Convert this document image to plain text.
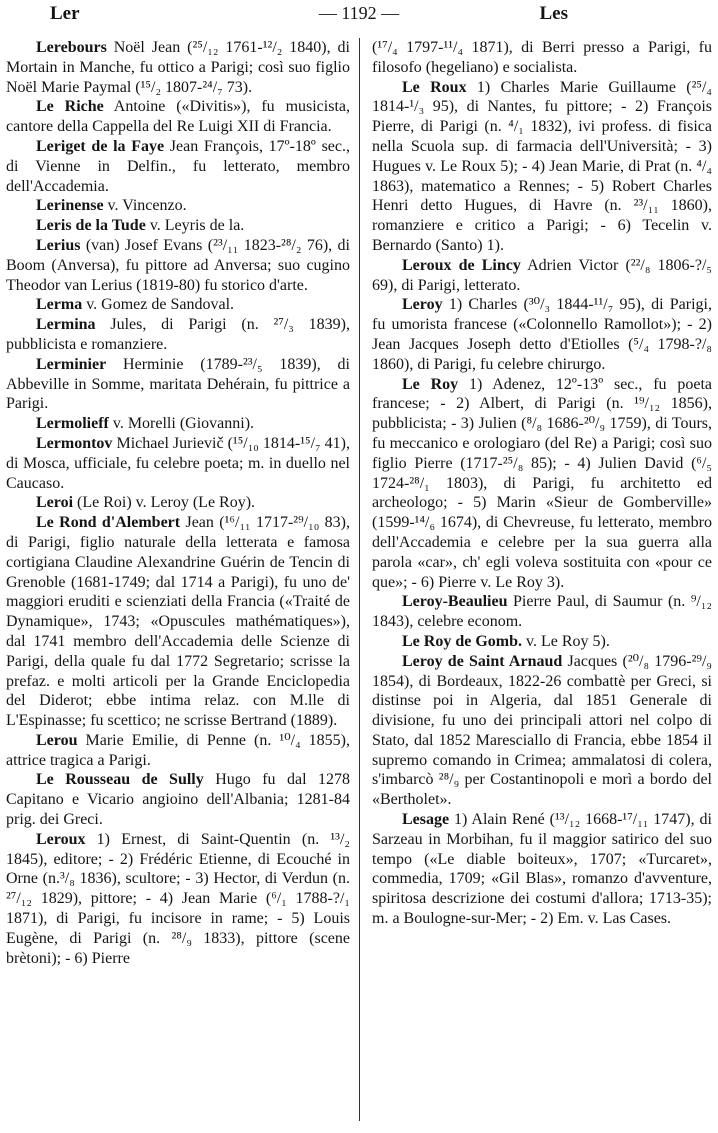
Ler	— 1192 —	Les

Lerebours Noël Jean (²⁵/₁₂ 1761-¹²/₂ 1840), di Mortain in Manche, fu ottico a Parigi; così suo figlio Noël Marie Paymal (¹⁵/₂ 1807-²⁴/₇ 73).

Le Riche Antoine («Divitis»), fu musicista, cantore della Cappella del Re Luigi XII di Francia.

Leriget de la Faye Jean François, 17º-18º sec., di Vienne in Delfin., fu letterato, membro dell'Accademia.

Lerinense v. Vincenzo.

Leris de la Tude v. Leyris de la.

Lerius (van) Josef Evans (²³/₁₁ 1823-²⁸/₂ 76), di Boom (Anversa), fu pittore ad Anversa; suo cugino Theodor van Lerius (1819-80) fu storico d'arte.

Lerma v. Gomez de Sandoval.

Lermina Jules, di Parigi (n. ²⁷/₃ 1839), pubblicista e romanziere.

Lerminier Herminie (1789-²³/₅ 1839), di Abbeville in Somme, maritata Dehérain, fu pittrice a Parigi.

Lermolieff v. Morelli (Giovanni).

Lermontov Michael Jurievič (¹⁵/₁₀ 1814-¹⁵/₇ 41), di Mosca, ufficiale, fu celebre poeta; m. in duello nel Caucaso.

Leroi (Le Roi) v. Leroy (Le Roy).

Le Rond d'Alembert Jean (¹⁶/₁₁ 1717-²⁹/₁₀ 83), di Parigi, figlio naturale della letterata e famosa cortigiana Claudine Alexandrine Guérin de Tencin di Grenoble (1681-1749; dal 1714 a Parigi), fu uno de' maggiori eruditi e scienziati della Francia («Traité de Dynamique», 1743; «Opuscules mathématiques»), dal 1741 membro dell'Accademia delle Scienze di Parigi, della quale fu dal 1772 Segretario; scrisse la prefaz. e molti articoli per la Grande Enciclopedia del Diderot; ebbe intima relaz. con M.lle di L'Espinasse; fu scetticо; ne scrisse Bertrand (1889).

Lerou Marie Emilie, di Penne (n. ¹⁰/₄ 1855), attrice tragica a Parigi.

Le Rousseau de Sully Hugo fu dal 1278 Capitano e Vicario angioino dell'Albania; 1281-84 prig. dei Greci.

Leroux 1) Ernest, di Saint-Quentin (n. ¹³/₂ 1845), editore; - 2) Frédéric Etienne, di Ecouché in Orne (n.³/₈ 1836), scultore; - 3) Hector, di Verdun (n. ²⁷/₁₂ 1829), pittore; - 4) Jean Marie (⁶/₁ 1788-?/₁ 1871), di Parigi, fu incisore in rame; - 5) Louis Eugène, di Parigi (n. ²⁸/₉ 1833), pittore (scene brètoni); - 6) Pierre

(¹⁷/₄ 1797-¹¹/₄ 1871), di Berri presso a Parigi, fu filosofo (hegeliano) e socialista.

Le Roux 1) Charles Marie Guillaume (²⁵/₄ 1814-¹/₃ 95), di Nantes, fu pittore; - 2) François Pierre, di Parigi (n. ⁴/₁ 1832), ivi profess. di fisica nella Scuola sup. di farmacia dell'Università; - 3) Hugues v. Le Roux 5); - 4) Jean Marie, di Prat (n. ⁴/₄ 1863), matematico a Rennes; - 5) Robert Charles Henri detto Hugues, di Havre (n. ²³/₁₁ 1860), romanziere e critico a Parigi; - 6) Tecelin v. Bernardo (Santo) 1).

Leroux de Lincy Adrien Victor (²²/₈ 1806-?/₅ 69), di Parigi, letterato.

Leroy 1) Charles (³⁰/₃ 1844-¹¹/₇ 95), di Parigi, fu umorista francese («Colonnello Ramollot»); - 2) Jean Jacques Joseph detto d'Etiolles (⁵/₄ 1798-?/₈ 1860), di Parigi, fu celebre chirurgo.

Le Roy 1) Adenez, 12º-13º sec., fu poeta francese; - 2) Albert, di Parigi (n. ¹⁹/₁₂ 1856), pubblicista; - 3) Julien (⁸/₈ 1686-²⁰/₉ 1759), di Tours, fu meccanico e orologiaro (del Re) a Parigi; così suo figlio Pierre (1717-²⁵/₈ 85); - 4) Julien David (⁶/₅ 1724-²⁸/₁ 1803), di Parigi, fu architetto ed archeologo; - 5) Marin «Sieur de Gomberville» (1599-¹⁴/₆ 1674), di Chevreuse, fu letterato, membro dell'Accademia e celebre per la sua guerra alla parola «car», ch' egli voleva sostituita con «pour ce que»; - 6) Pierre v. Le Roy 3).

Leroy-Beaulieu Pierre Paul, di Saumur (n. ⁹/₁₂ 1843), celebre econom.

Le Roy de Gomb. v. Le Roy 5).

Leroy de Saint Arnaud Jacques (²⁰/₈ 1796-²⁹/₉ 1854), di Bordeaux, 1822-26 combattè per Greci, si distinse poi in Algeria, dal 1851 Generale di divisione, fu uno dei principali attori nel colpo di Stato, dal 1852 Maresciallo di Francia, ebbe 1854 il supremo comando in Crimea; ammalatosi di colera, s'imbarcò ²⁸/₉ per Costantinopoli e morì a bordo del «Bertholet».

Lesage 1) Alain René (¹³/₁₂ 1668-¹⁷/₁₁ 1747), di Sarzeau in Morbihan, fu il maggior satirico del suo tempo («Le diable boiteux», 1707; «Turcaret», commedia, 1709; «Gil Blas», romanzo d'avventure, spiritosa descrizione dei costumi d'allora; 1713-35); m. a Boulogne-sur-Mer; - 2) Em. v. Las Cases.
